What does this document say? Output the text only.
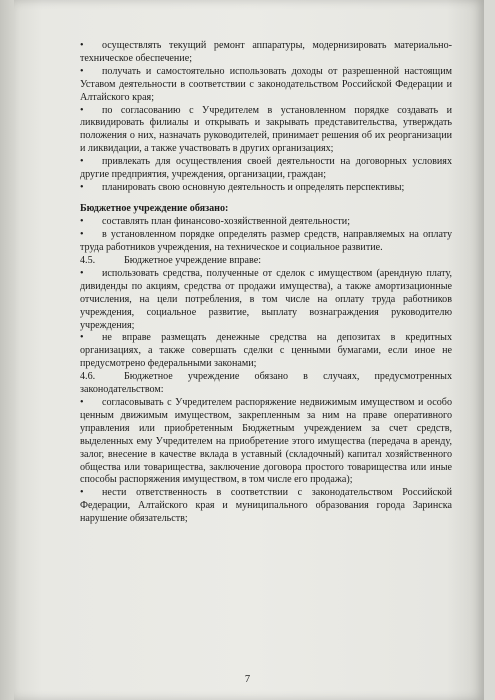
• осуществлять текущий ремонт аппаратуры, модернизировать материально-техническое обеспечение;

• получать и самостоятельно использовать доходы от разрешенной настоящим Уставом деятельности в соответствии с законодательством Российской Федерации и Алтайского края;

• по согласованию с Учредителем в установленном порядке создавать и ликвидировать филиалы и открывать и закрывать представительства, утверждать положения о них, назначать руководителей, принимает решения об их реорганизации и ликвидации, а также участвовать в других организациях;

• привлекать для осуществления своей деятельности на договорных условиях другие предприятия, учреждения, организации, граждан;

• планировать свою основную деятельность и определять перспективы;

Бюджетное учреждение обязано:

• составлять план финансово-хозяйственной деятельности;

• в установленном порядке определять размер средств, направляемых на оплату труда работников учреждения, на техническое и социальное развитие.

4.5.	Бюджетное учреждение вправе:

• использовать средства, полученные от сделок с имуществом (арендную плату, дивиденды по акциям, средства от продажи имущества), а также амортизационные отчисления, на цели потребления, в том числе на оплату труда работников учреждения, социальное развитие, выплату вознаграждения руководителю учреждения;

• не вправе размещать денежные средства на депозитах в кредитных организациях, а также совершать сделки с ценными бумагами, если иное не предусмотрено федеральными законами;

4.6.	Бюджетное учреждение обязано в случаях, предусмотренных законодательством:

• согласовывать с Учредителем распоряжение недвижимым имуществом и особо ценным движимым имуществом, закрепленным за ним на праве оперативного управления или приобретенным Бюджетным учреждением за счет средств, выделенных ему Учредителем на приобретение этого имущества (передача в аренду, залог, внесение в качестве вклада в уставный (складочный) капитал хозяйственного общества или товарищества, заключение договора простого товарищества или иные способы распоряжения имуществом, в том числе его продажа);

• нести ответственность в соответствии с законодательством Российской Федерации, Алтайского края и муниципального образования города Заринска нарушение обязательств;

7
